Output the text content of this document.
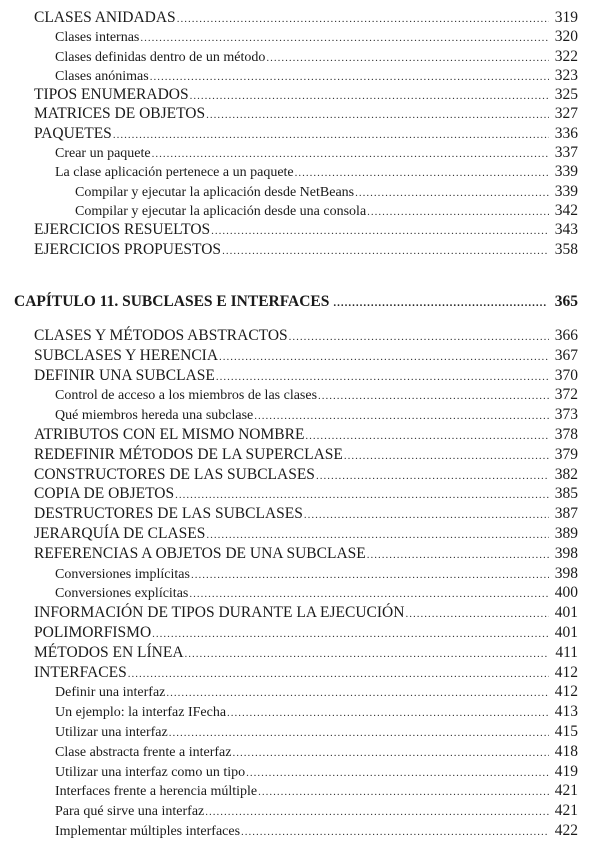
CLASES ANIDADAS .....	319
Clases internas .....	320
Clases definidas dentro de un método .....	322
Clases anónimas .....	323
TIPOS ENUMERADOS .....	325
MATRICES DE OBJETOS .....	327
PAQUETES .....	336
Crear un paquete .....	337
La clase aplicación pertenece a un paquete .....	339
Compilar y ejecutar la aplicación desde NetBeans .....	339
Compilar y ejecutar la aplicación desde una consola .....	342
EJERCICIOS RESUELTOS .....	343
EJERCICIOS PROPUESTOS .....	358
CAPÍTULO 11. SUBCLASES E INTERFACES .....	365
CLASES Y MÉTODOS ABSTRACTOS .....	366
SUBCLASES Y HERENCIA .....	367
DEFINIR UNA SUBCLASE .....	370
Control de acceso a los miembros de las clases .....	372
Qué miembros hereda una subclase .....	373
ATRIBUTOS CON EL MISMO NOMBRE .....	378
REDEFINIR MÉTODOS DE LA SUPERCLASE .....	379
CONSTRUCTORES DE LAS SUBCLASES .....	382
COPIA DE OBJETOS .....	385
DESTRUCTORES DE LAS SUBCLASES .....	387
JERARQUÍA DE CLASES .....	389
REFERENCIAS A OBJETOS DE UNA SUBCLASE .....	398
Conversiones implícitas .....	398
Conversiones explícitas .....	400
INFORMACIÓN DE TIPOS DURANTE LA EJECUCIÓN .....	401
POLIMORFISMO .....	401
MÉTODOS EN LÍNEA .....	411
INTERFACES .....	412
Definir una interfaz .....	412
Un ejemplo: la interfaz IFecha .....	413
Utilizar una interfaz .....	415
Clase abstracta frente a interfaz .....	418
Utilizar una interfaz como un tipo .....	419
Interfaces frente a herencia múltiple .....	421
Para qué sirve una interfaz .....	421
Implementar múltiples interfaces .....	422
